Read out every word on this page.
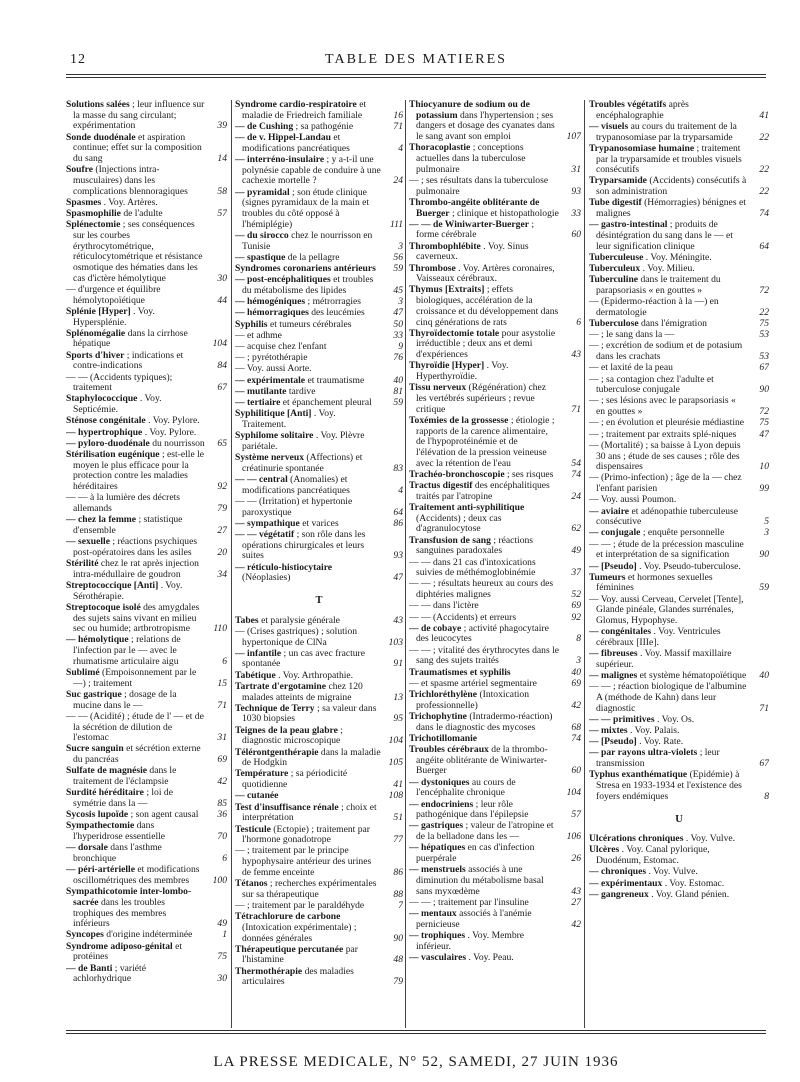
12	TABLE DES MATIERES
Solutions salées ; leur influence sur la masse du sang circulant; expérimentation	39
Sonde duodénale et aspiration continue; effet sur la composition du sang	14
Soufre (Injections intra-musculaires) dans les complications blennoragiques	58
Spasmes . Voy. Artères.
Spasmophilie de l'adulte	57
Splénectomie ; ses conséquences sur les courbes érythrocytométrique, réticulocytométrique et résistance osmotique des hématies dans les cas d'ictère hémolytique	30
— d'urgence et équilibre hémolytopoïétique	44
Splénie [Hyper] . Voy. Hypersplénie.
Splénomégalie dans la cirrhose hépatique	104
Sports d'hiver ; indications et contre-indications	84
— — (Accidents typiques); traitement	67
Staphylococcique . Voy. Septicémie.
Sténose congénitale . Voy. Pylore.
— hypertrophique . Voy. Pylore.
— pyloro-duodénale du nourrisson 65
Stérilisation eugénique ; est-elle le moyen le plus efficace pour la protection contre les maladies héréditaires	92
— — à la lumière des décrets allemands	79
— chez la femme ; statistique d'ensemble	27
— sexuelle ; réactions psychiques post-opératoires dans les asiles	20
Stérilité chez le rat après injection intra-médullaire de goudron	34
Streptococcique [Anti] . Voy. Sérothérapie.
Streptocoque isolé des amygdales des sujets sains vivant en milieu sec ou humide; artbrotropisme	110
— hémolytique ; relations de l'infection par le — avec le rhumatisme articulaire aigu	6
Sublimé (Empoisonnement par le —) ; traitement	15
Suc gastrique ; dosage de la mucine dans le —	71
— — (Acidité) ; étude de l' — et de la sécrétion de dilution de l'estomac	31
Sucre sanguin et sécrétion externe du pancréas	69
Sulfate de magnésie dans le traitement de l'éclampsie	42
Surdité héréditaire ; loi de symétrie dans la —	85
Sycosis lupoïde ; son agent causal	36
Sympathectomie dans l'hyperidrose essentielle	70
— dorsale dans l'asthme bronchique	6
— péri-artérielle et modifications oscillométriques des membres	100
Sympathicotomie inter-lombo-sacrée dans les troubles trophiques des membres inférieurs	49
Syncopes d'origine indéterminée	1
Syndrome adiposo-génital et protéines	75
— de Banti ; variété achlorhydrique	30
Syndrome cardio-respiratoire et maladie de Friedreich familiale	16
— de Cushing ; sa pathogénie	71
— de v. Hippel-Landau et modifications pancréatiques	4
— interréno-insulaire ; y a-t-il une polynésie capable de conduire à une cachexie mortelle ?	24
— pyramidal ; son étude clinique (signes pyramidaux de la main et troubles du côté opposé à l'hémiplégie)	111
— du sirocco chez le nourrisson en Tunisie	3
— spastique de la pellagre	56
Syndromes coronariens antérieurs	59
— post-encéphalitiques et troubles du métabolisme des lipides	45
— hémogéniques ; métrorragies	3
— hémorragiques des leucémies	47
Syphilis et tumeurs cérébrales	50
— et adhme	33
— acquise chez l'enfant	9
— ; pyrétothérapie	76
— Voy. aussi Aorte.
— expérimentale et traumatisme	40
— mutilante tardive	81
— tertiaire et épanchement pleural	59
Syphilitique [Anti] . Voy. Traitement.
Syphilome solitaire . Voy. Plèvre pariétale.
Système nerveux (Affections) et créatinurie spontanée	83
— — central (Anomalies) et modifications pancréatiques	4
— — (Irritation) et hypertonie paroxystique	64
— sympathique et varices	86
— — végétatif ; son rôle dans les opérations chirurgicales et leurs suites	93
— réticulo-histiocytaire (Néoplasies)	47
T
Tabes et paralysie générale	43
— (Crises gastriques) ; solution hypertonique de ClNa	103
— infantile ; un cas avec fracture spontanée	91
Tabétique . Voy. Arthropathie.
Tartrate d'ergotamine chez 120 malades atteints de migraine	13
Technique de Terry ; sa valeur dans 1030 biopsies	95
Teignes de la peau glabre ; diagnostic microscopique	104
Télérontgenthérapie dans la maladie de Hodgkin	105
Température ; sa périodicité quotidienne	41
— cutanée	108
Test d'insuffisance rénale ; choix et interprétation	51
Testicule (Ectopie) ; traitement par l'hormone gonadotrope	77
— ; traitement par le principe hypophysaire antérieur des urines de femme enceinte	86
Tétanos ; recherches expérimentales sur sa thérapeutique	88
— ; traitement par le paraldéhyde	7
Tétrachlorure de carbone (Intoxication expérimentale) ; données générales	90
Thérapeutique percutanée par l'histamine	48
Thermothérapie des maladies articulaires	79
Thiocyanure de sodium ou de potassium dans l'hypertension ; ses dangers et dosage des cyanates dans le sang avant son emploi	107
Thoracoplastie ; conceptions actuelles dans la tuberculose pulmonaire	31
— ; ses résultats dans la tuberculose pulmonaire	93
Thrombo-angéite oblitérante de Buerger ; clinique et histopathologie 33
— — de Winiwarter-Buerger ; forme cérébrale	60
Thrombophlébite . Voy. Sinus caverneux.
Thrombose . Voy. Artères coronaires, Vaisseaux cérébraux.
Thymus [Extraits] ; effets biologiques, accélération de la croissance et du développement dans cinq générations de rats	6
Thyroïdectomie totale pour asystolie irréductible ; deux ans et demi d'expériences	43
Thyroïdie [Hyper] . Voy. Hyperthyroïdie.
Tissu nerveux (Régénération) chez les vertébrés supérieurs ; revue critique	71
Toxémies de la grossesse ; étiologie ; rapports de la carence alimentaire, de l'hypoprotéinémie et de l'élévation de la pression veineuse avec la rétention de l'eau	54
Trachéo-bronchoscopie ; ses risques	74
Tractus digestif des encéphalitiques traités par l'atropine	24
Traitement anti-syphilitique (Accidents) ; deux cas d'agranulocytose	62
Transfusion de sang ; réactions sanguines paradoxales	49
— — dans 21 cas d'intoxications suivies de méthémoglobinémie	37
— — ; résultats heureux au cours des diphtéries malignes	52
— — dans l'ictère	69
— — (Accidents) et erreurs	92
— de cobaye ; activité phagocytaire des leucocytes	8
— — ; vitalité des érythrocytes dans le sang des sujets traités	3
Traumatismes et syphilis	40
— et spasme artériel segmentaire	69
Trichloréthylène (Intoxication professionnelle)	42
Trichophytine (Intradermo-réaction) dans le diagnostic des mycoses	68
Trichotillomanie	74
Troubles cérébraux de la thrombo-angéite oblitérante de Winiwarter-Buerger	60
— dystoniques au cours de l'encéphalite chronique	104
— endocriniens ; leur rôle pathogénique dans l'épilepsie	57
— gastriques ; valeur de l'atropine et de la belladone dans les —	106
— hépatiques en cas d'infection puerpérale	26
— menstruels associés à une diminution du métabolisme basal sans myxœdème	43
— — ; traitement par l'insuline	27
— mentaux associés à l'anémie pernicieuse	42
— trophiques . Voy. Membre inférieur.
— vasculaires . Voy. Peau.
Troubles végétatifs après encéphalographie	41
— visuels au cours du traitement de la trypanosomiase par la tryparsamide	22
Trypanosomiase humaine ; traitement par la tryparsamide et troubles visuels consécutifs	22
Tryparsamide (Accidents) consécutifs à son administration	22
Tube digestif (Hémorragies) bénignes et malignes	74
— gastro-intestinal ; produits de désintégration du sang dans le — et leur signification clinique	64
Tuberculeuse . Voy. Méningite.
Tuberculeux . Voy. Milieu.
Tuberculine dans le traitement du parapsoriasis « en gouttes »	72
— (Epidermo-réaction à la —) en dermatologie	22
Tuberculose dans l'émigration	75
— ; le sang dans la —	53
— ; excrétion de sodium et de potasium dans les crachats	53
— et laxité de la peau	67
— ; sa contagion chez l'adulte et tuberculose conjugale	90
— ; ses lésions avec le parapsoriasis « en gouttes »	72
— ; en évolution et pleurésie médiastine	75
— ; traitement par extraits splé-niques	47
— (Mortalité) ; sa baisse à Lyon depuis 30 ans ; étude de ses causes ; rôle des dispensaires	10
— (Primo-infection) ; âge de la — chez l'enfant parisien	99
— Voy. aussi Poumon.
— aviaire et adénopathie tuberculeuse consécutive	5
— conjugale ; enquête personnelle	3
— — ; étude de la précession masculine et interprétation de sa signification	90
— [Pseudo] . Voy. Pseudo-tuberculose.
Tumeurs et hormones sexuelles féminines	59
— Voy. aussi Cerveau, Cervelet [Tente], Glande pinéale, Glandes surrénales, Glomus, Hypophyse.
— congénitales . Voy. Ventricules cérébraux [IIIe].
— fibreuses . Voy. Massif maxillaire supérieur.
— malignes et système hématopoïétique 40
— — ; réaction biologique de l'albumine A (méthode de Kahn) dans leur diagnostic	71
— — primitives . Voy. Os.
— mixtes . Voy. Palais.
— [Pseudo] . Voy. Rate.
— par rayons ultra-violets ; leur transmission	67
Typhus exanthématique (Epidémie) à Stresa en 1933-1934 et l'existence des foyers endémiques	8
U
Ulcérations chroniques . Voy. Vulve.
Ulcères . Voy. Canal pylorique, Duodénum, Estomac.
— chroniques . Voy. Vulve.
— expérimentaux . Voy. Estomac.
— gangreneux . Voy. Gland pénien.
LA PRESSE MEDICALE, N° 52, SAMEDI, 27 JUIN 1936
